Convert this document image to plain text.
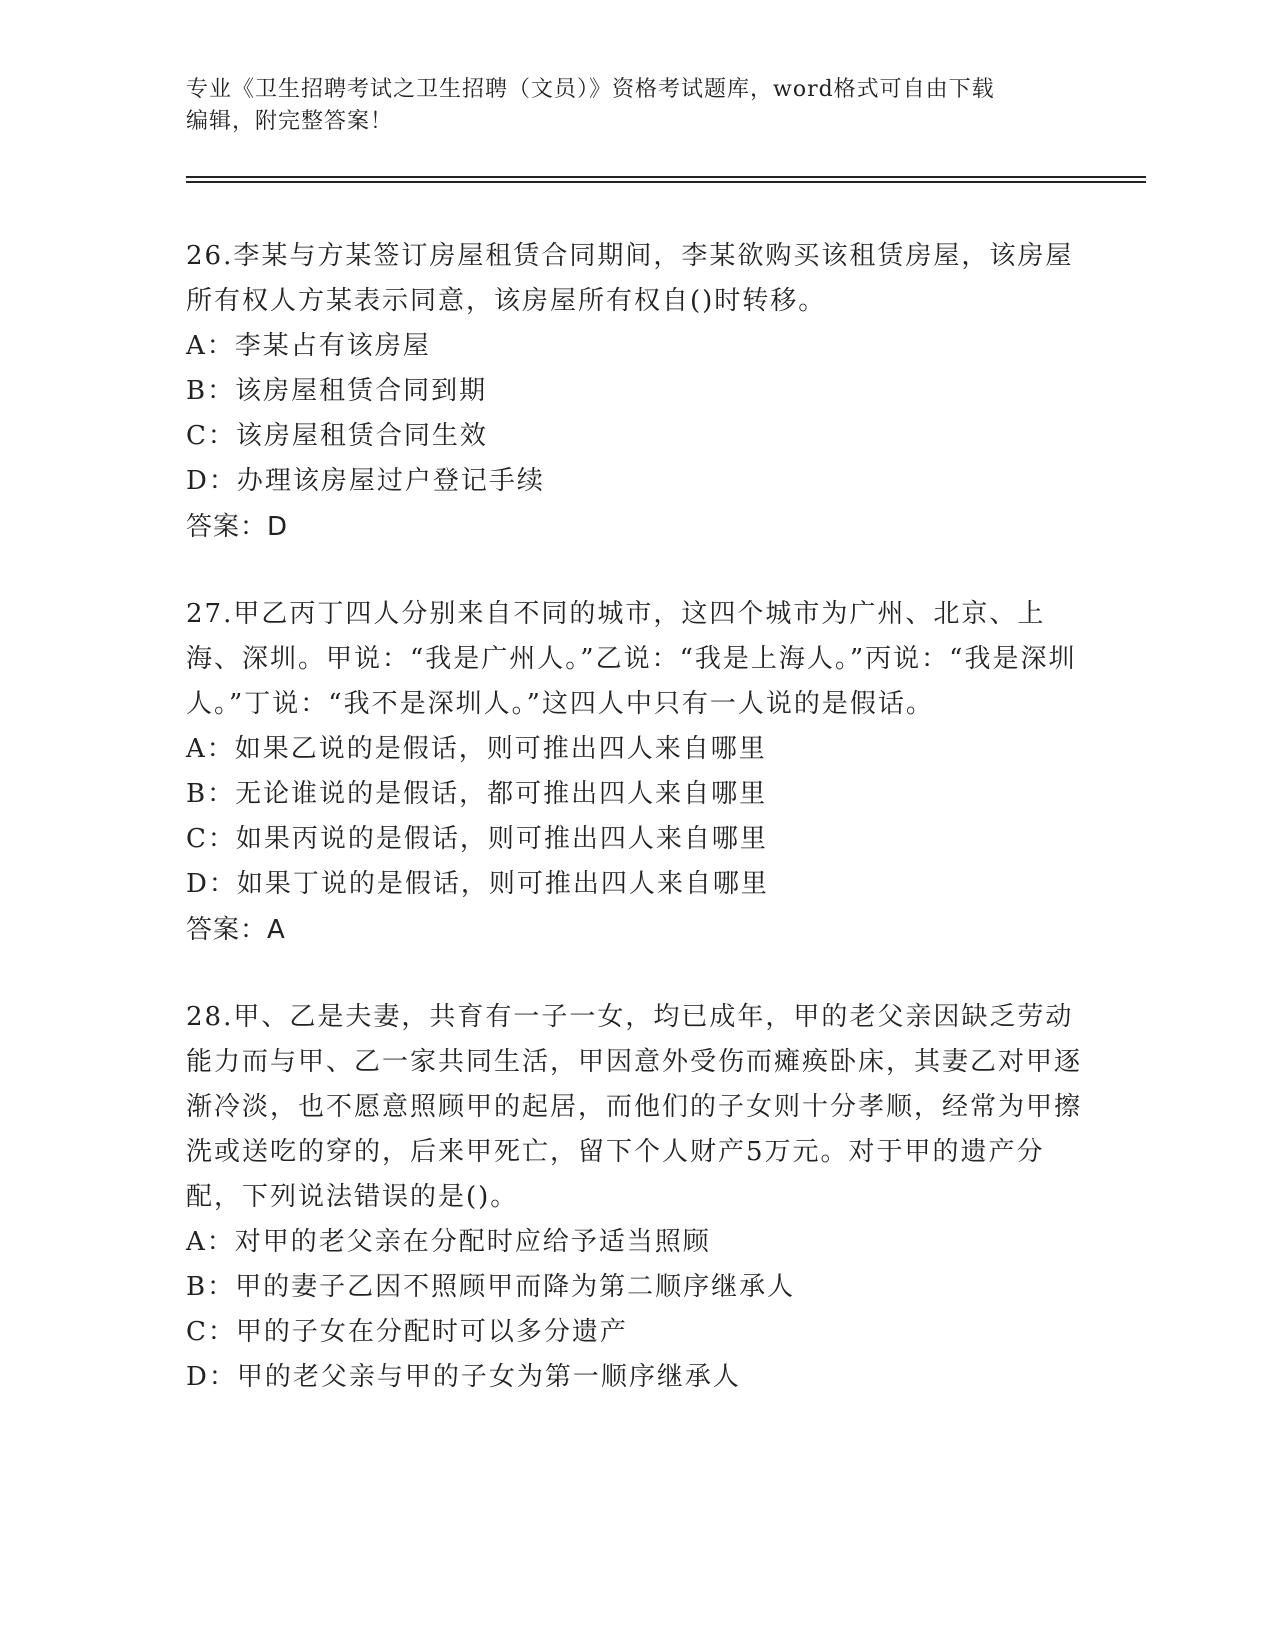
专业《卫生招聘考试之卫生招聘（文员）》资格考试题库，word格式可自由下载
编辑，附完整答案！

26.李某与方某签订房屋租赁合同期间，李某欲购买该租赁房屋，该房屋所有权人方某表示同意，该房屋所有权自()时转移。

A：李某占有该房屋
B：该房屋租赁合同到期
C：该房屋租赁合同生效
D：办理该房屋过户登记手续
答案：D

27.甲乙丙丁四人分别来自不同的城市，这四个城市为广州、北京、上海、深圳。甲说：“我是广州人。”乙说：“我是上海人。”丙说：“我是深圳人。”丁说：“我不是深圳人。”这四人中只有一人说的是假话。

A：如果乙说的是假话，则可推出四人来自哪里
B：无论谁说的是假话，都可推出四人来自哪里
C：如果丙说的是假话，则可推出四人来自哪里
D：如果丁说的是假话，则可推出四人来自哪里
答案：A

28.甲、乙是夫妻，共育有一子一女，均已成年，甲的老父亲因缺乏劳动能力而与甲、乙一家共同生活，甲因意外受伤而瘫痪卧床，其妻乙对甲逐渐冷淡，也不愿意照顾甲的起居，而他们的子女则十分孝顺，经常为甲擦洗或送吃的穿的，后来甲死亡，留下个人财产5万元。对于甲的遗产分配，下列说法错误的是()。

A：对甲的老父亲在分配时应给予适当照顾
B：甲的妻子乙因不照顾甲而降为第二顺序继承人
C：甲的子女在分配时可以多分遗产
D：甲的老父亲与甲的子女为第一顺序继承人
